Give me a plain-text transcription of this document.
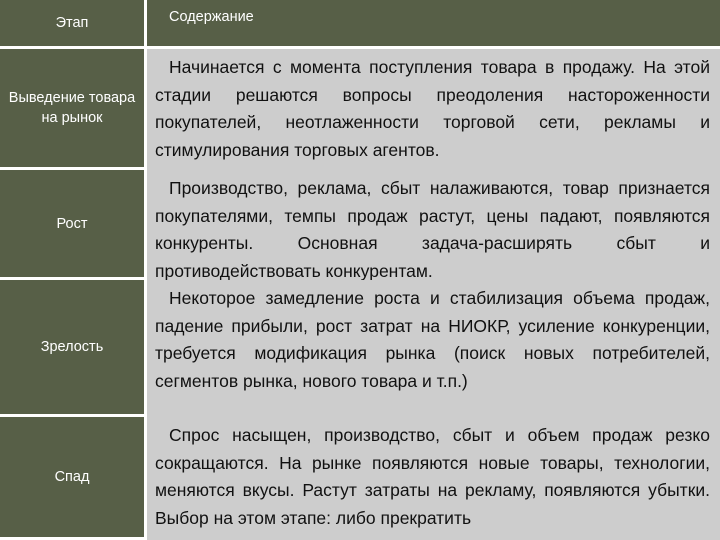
Этап	Содержание
Выведение товара на рынок

Начинается с момента поступления товара в продажу. На этой стадии решаются вопросы преодоления настороженности покупателей, неотлаженности торговой сети, рекламы и стимулирования торговых агентов.

Рост

Производство, реклама, сбыт налаживаются, товар признается покупателями, темпы продаж растут, цены падают, появляются конкуренты. Основная задача-расширять сбыт и противодействовать конкурентам.

Зрелость

Некоторое замедление роста и стабилизация объема продаж, падение прибыли, рост затрат на НИОКР, усиление конкуренции, требуется модификация рынка (поиск новых потребителей, сегментов рынка, нового товара и т.п.)

Спад

Спрос насыщен, производство, сбыт и объем продаж резко сокращаются. На рынке появляются новые товары, технологии, меняются вкусы. Растут затраты на рекламу, появляются убытки. Выбор на этом этапе: либо прекратить
